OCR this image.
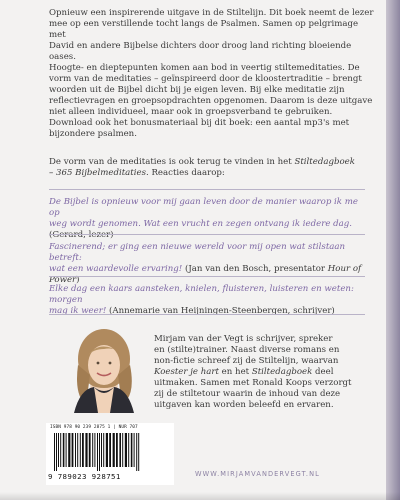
Opnieuw een inspirerende uitgave in de Stiltelijn. Dit boek neemt de lezer
mee op een verstillende tocht langs de Psalmen. Samen op pelgrimage met
David en andere Bijbelse dichters door droog land richting bloeiende oases.
Hoogte- en dieptepunten komen aan bod in veertig stiltemeditaties. De
vorm van de meditaties – geïnspireerd door de kloostertraditie – brengt
woorden uit de Bijbel dicht bij je eigen leven. Bij elke meditatie zijn
reflectievragen en groepsopdrachten opgenomen. Daarom is deze uitgave
niet alleen individueel, maar ook in groepsverband te gebruiken.
Download ook het bonusmateriaal bij dit boek: een aantal mp3's met
bijzondere psalmen.

De vorm van de meditaties is ook terug te vinden in het Stiltedagboek
– 365 Bijbelmeditaties. Reacties daarop:

De Bijbel is opnieuw voor mij gaan leven door de manier waarop ik me op
weg wordt genomen. Wat een vrucht en zegen ontvang ik iedere dag.
(Gerard, lezer)

Fascinerend; er ging een nieuwe wereld voor mij open wat stilstaan betreft:
wat een waardevolle ervaring! (Jan van den Bosch, presentator Hour of Power)

Elke dag een kaars aansteken, knielen, fluisteren, luisteren en weten: morgen
mag ik weer! (Annemarie van Heijningen-Steenbergen, schrijver)

Mirjam van der Vegt is schrijver, spreker
en (stilte)trainer. Naast diverse romans en
non-fictie schreef zij de Stiltelijn, waarvan
Koester je hart en het Stiltedagboek deel
uitmaken. Samen met Ronald Koops verzorgt
zij de stiltetour waarin de inhoud van deze
uitgaven kan worden beleefd en ervaren.

ISBN 978 90 239 2875 1 | NUR 707
9 789023 928751	WWW.MIRJAMVANDERVEGT.NL
